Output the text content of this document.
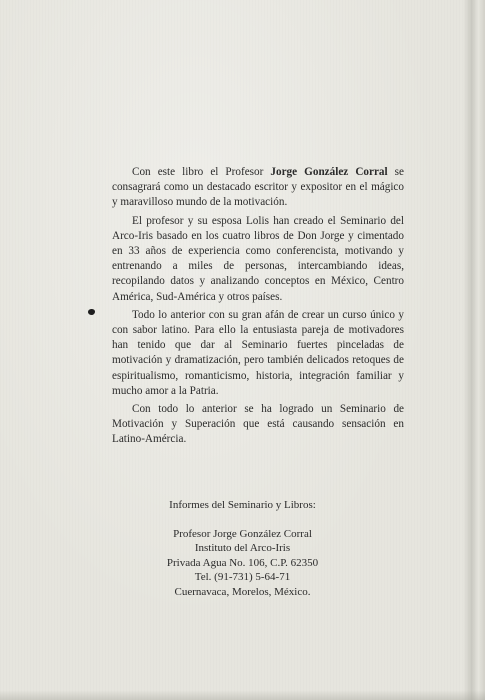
Con este libro el Profesor Jorge González Corral se consagrará como un destacado escritor y expositor en el mágico y maravilloso mundo de la motivación.

El profesor y su esposa Lolis han creado el Seminario del Arco-Iris basado en los cuatro libros de Don Jorge y cimentado en 33 años de experiencia como conferencista, motivando y entrenando a miles de personas, intercambiando ideas, recopilando datos y analizando conceptos en México, Centro América, Sud-América y otros países.

Todo lo anterior con su gran afán de crear un curso único y con sabor latino. Para ello la entusiasta pareja de motivadores han tenido que dar al Seminario fuertes pinceladas de motivación y dramatización, pero también delicados retoques de espiritualismo, romanticismo, historia, integración familiar y mucho amor a la Patria.

Con todo lo anterior se ha logrado un Seminario de Motivación y Superación que está causando sensación en Latino-Amércia.

Informes del Seminario y Libros:
Profesor Jorge González Corral
Instituto del Arco-Iris
Privada Agua No. 106, C.P. 62350
Tel. (91-731) 5-64-71
Cuernavaca, Morelos, México.
